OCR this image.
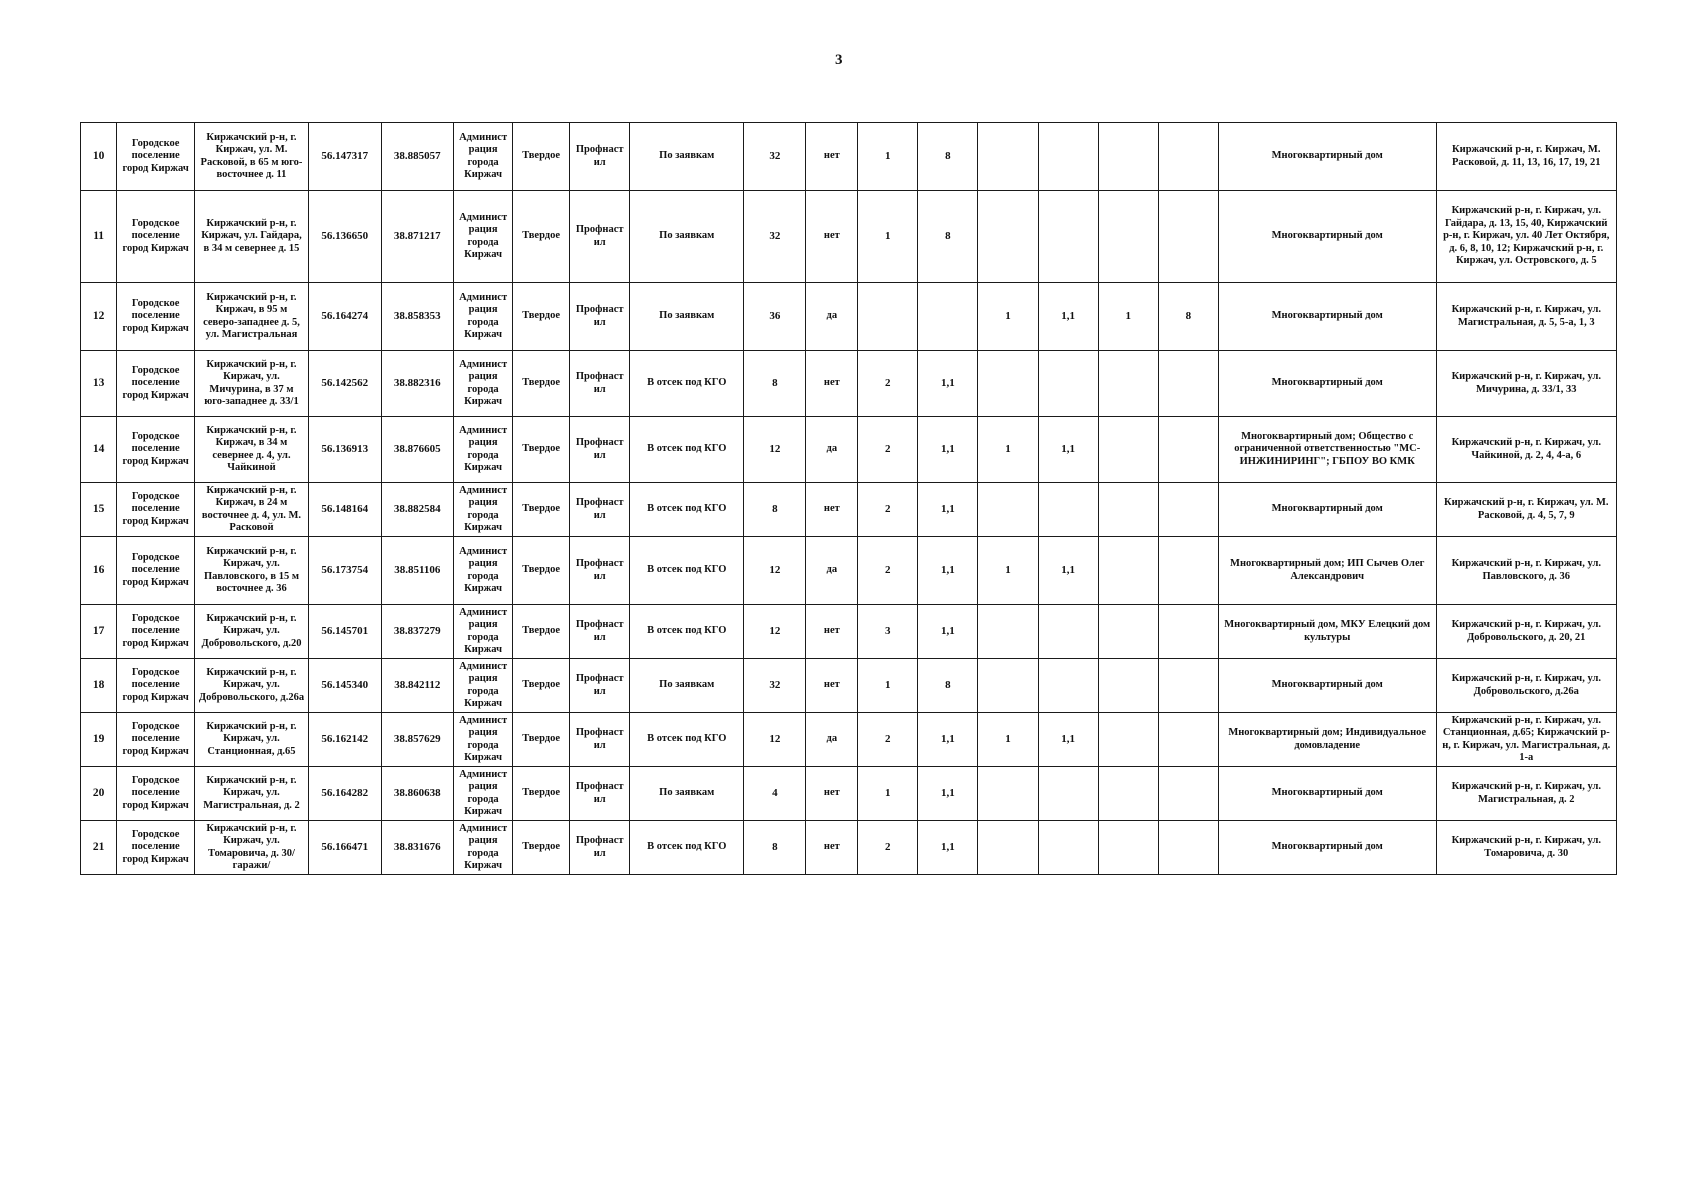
3
10	Городское поселение город Киржач	Киржачский р-н, г. Киржач, ул. М. Расковой, в 65 м юго-восточнее д. 11	56.147317	38.885057	Администрация города Киржач	Твердое	Профнастил	По заявкам	32	нет	1	8					Многоквартирный дом	Киржачский р-н, г. Киржач, М. Расковой, д. 11, 13, 16, 17, 19, 21
11	Городское поселение город Киржач	Киржачский р-н, г. Киржач, ул. Гайдара, в 34 м севернее д. 15	56.136650	38.871217	Администрация города Киржач	Твердое	Профнастил	По заявкам	32	нет	1	8					Многоквартирный дом	Киржачский р-н, г. Киржач, ул. Гайдара, д. 13, 15, 40, Киржачский р-н, г. Киржач, ул. 40 Лет Октября, д. 6, 8, 10, 12; Киржачский р-н, г. Киржач, ул. Островского, д. 5
12	Городское поселение город Киржач	Киржачский р-н, г. Киржач, в 95 м северо-западнее д. 5, ул. Магистральная	56.164274	38.858353	Администрация города Киржач	Твердое	Профнастил	По заявкам	36	да			1	1,1	1	8	Многоквартирный дом	Киржачский р-н, г. Киржач, ул. Магистральная, д. 5, 5-а, 1, 3
13	Городское поселение город Киржач	Киржачский р-н, г. Киржач, ул. Мичурина, в 37 м юго-западнее д. 33/1	56.142562	38.882316	Администрация города Киржач	Твердое	Профнастил	В отсек под КГО	8	нет	2	1,1					Многоквартирный дом	Киржачский р-н, г. Киржач, ул. Мичурина, д. 33/1, 33
14	Городское поселение город Киржач	Киржачский р-н, г. Киржач, в 34 м севернее д. 4, ул. Чайкиной	56.136913	38.876605	Администрация города Киржач	Твердое	Профнастил	В отсек под КГО	12	да	2	1,1	1	1,1			Многоквартирный дом; Общество с ограниченной ответственностью "МС-ИНЖИНИРИНГ"; ГБПОУ ВО КМК	Киржачский р-н, г. Киржач, ул. Чайкиной, д. 2, 4, 4-а, 6
15	Городское поселение город Киржач	Киржачский р-н, г. Киржач, в 24 м восточнее д. 4, ул. М. Расковой	56.148164	38.882584	Администрация города Киржач	Твердое	Профнастил	В отсек под КГО	8	нет	2	1,1					Многоквартирный дом	Киржачский р-н, г. Киржач, ул. М. Расковой, д. 4, 5, 7, 9
16	Городское поселение город Киржач	Киржачский р-н, г. Киржач, ул. Павловского, в 15 м восточнее д. 36	56.173754	38.851106	Администрация города Киржач	Твердое	Профнастил	В отсек под КГО	12	да	2	1,1	1	1,1			Многоквартирный дом; ИП Сычев Олег Александрович	Киржачский р-н, г. Киржач, ул. Павловского, д. 36
17	Городское поселение город Киржач	Киржачский р-н, г. Киржач, ул. Добровольского, д.20	56.145701	38.837279	Администрация города Киржач	Твердое	Профнастил	В отсек под КГО	12	нет	3	1,1					Многоквартирный дом, МКУ Елецкий дом культуры	Киржачский р-н, г. Киржач, ул. Добровольского, д. 20, 21
18	Городское поселение город Киржач	Киржачский р-н, г. Киржач, ул. Добровольского, д.26а	56.145340	38.842112	Администрация города Киржач	Твердое	Профнастил	По заявкам	32	нет	1	8					Многоквартирный дом	Киржачский р-н, г. Киржач, ул. Добровольского, д.26а
19	Городское поселение город Киржач	Киржачский р-н, г. Киржач, ул. Станционная, д.65	56.162142	38.857629	Администрация города Киржач	Твердое	Профнастил	В отсек под КГО	12	да	2	1,1	1	1,1			Многоквартирный дом; Индивидуальное домовладение	Киржачский р-н, г. Киржач, ул. Станционная, д.65; Киржачский р-н, г. Киржач, ул. Магистральная, д. 1-а
20	Городское поселение город Киржач	Киржачский р-н, г. Киржач, ул. Магистральная, д. 2	56.164282	38.860638	Администрация города Киржач	Твердое	Профнастил	По заявкам	4	нет	1	1,1					Многоквартирный дом	Киржачский р-н, г. Киржач, ул. Магистральная, д. 2
21	Городское поселение город Киржач	Киржачский р-н, г. Киржач, ул. Томаровича, д. 30/гаражи/	56.166471	38.831676	Администрация города Киржач	Твердое	Профнастил	В отсек под КГО	8	нет	2	1,1					Многоквартирный дом	Киржачский р-н, г. Киржач, ул. Томаровича, д. 30
